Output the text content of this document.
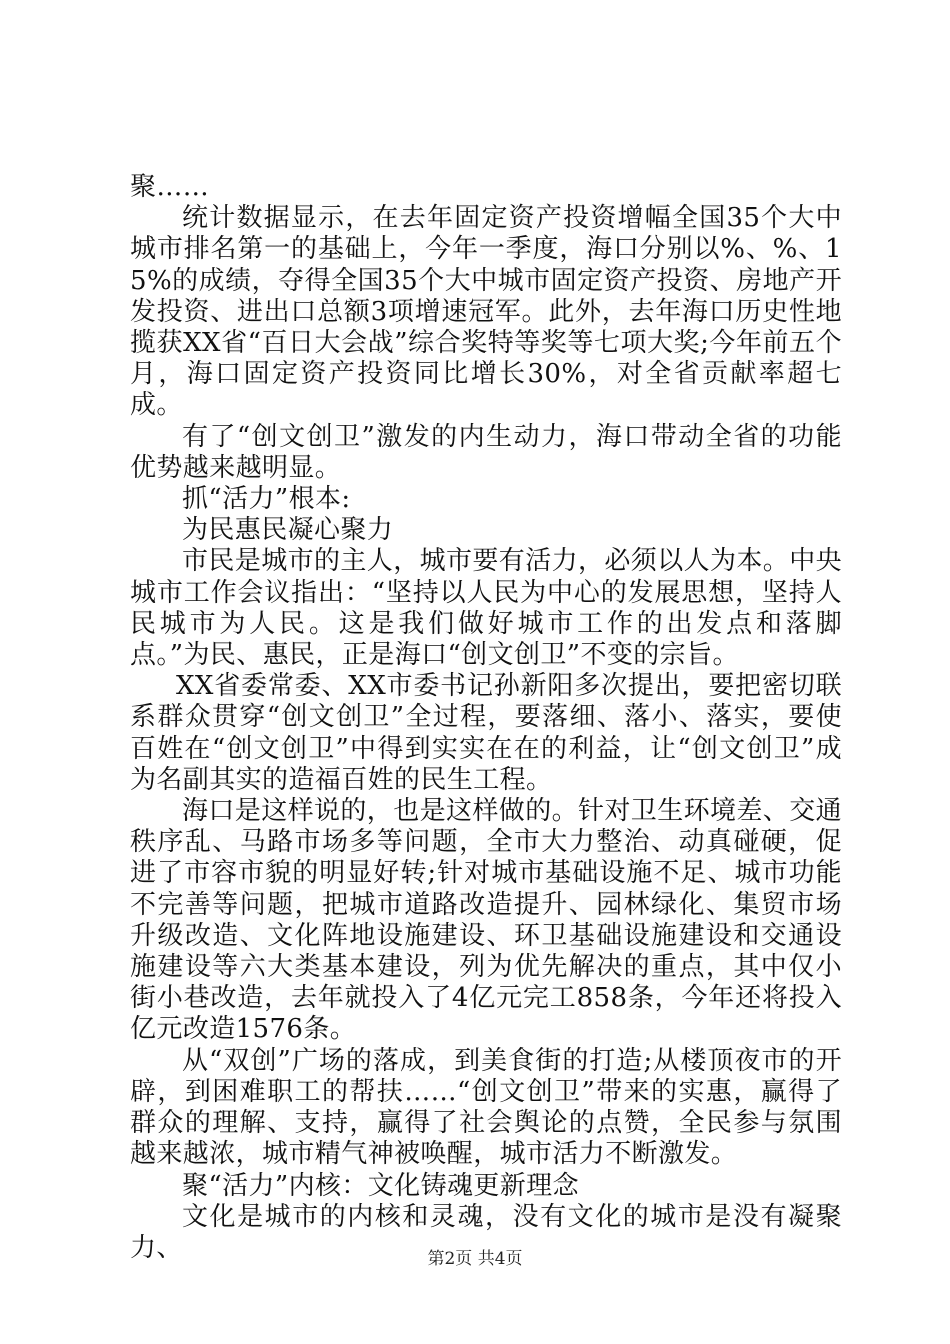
聚……

统计数据显示，在去年固定资产投资增幅全国35个大中城市排名第一的基础上，今年一季度，海口分别以%、%、15%的成绩，夺得全国35个大中城市固定资产投资、房地产开发投资、进出口总额3项增速冠军。此外，去年海口历史性地揽获XX省“百日大会战”综合奖特等奖等七项大奖;今年前五个月，海口固定资产投资同比增长30%，对全省贡献率超七成。

有了“创文创卫”激发的内生动力，海口带动全省的功能优势越来越明显。

抓“活力”根本:

为民惠民凝心聚力

市民是城市的主人，城市要有活力，必须以人为本。中央城市工作会议指出：“坚持以人民为中心的发展思想，坚持人民城市为人民。这是我们做好城市工作的出发点和落脚点。”为民、惠民，正是海口“创文创卫”不变的宗旨。

XX省委常委、XX市委书记孙新阳多次提出，要把密切联系群众贯穿“创文创卫”全过程，要落细、落小、落实，要使百姓在“创文创卫”中得到实实在在的利益，让“创文创卫”成为名副其实的造福百姓的民生工程。

海口是这样说的，也是这样做的。针对卫生环境差、交通秩序乱、马路市场多等问题，全市大力整治、动真碰硬，促进了市容市貌的明显好转;针对城市基础设施不足、城市功能不完善等问题，把城市道路改造提升、园林绿化、集贸市场升级改造、文化阵地设施建设、环卫基础设施建设和交通设施建设等六大类基本建设，列为优先解决的重点，其中仅小街小巷改造，去年就投入了4亿元完工858条，今年还将投入亿元改造1576条。

从“双创”广场的落成，到美食街的打造;从楼顶夜市的开辟，到困难职工的帮扶……“创文创卫”带来的实惠，赢得了群众的理解、支持，赢得了社会舆论的点赞，全民参与氛围越来越浓，城市精气神被唤醒，城市活力不断激发。

聚“活力”内核：文化铸魂更新理念

文化是城市的内核和灵魂，没有文化的城市是没有凝聚力、	第2页 共4页
